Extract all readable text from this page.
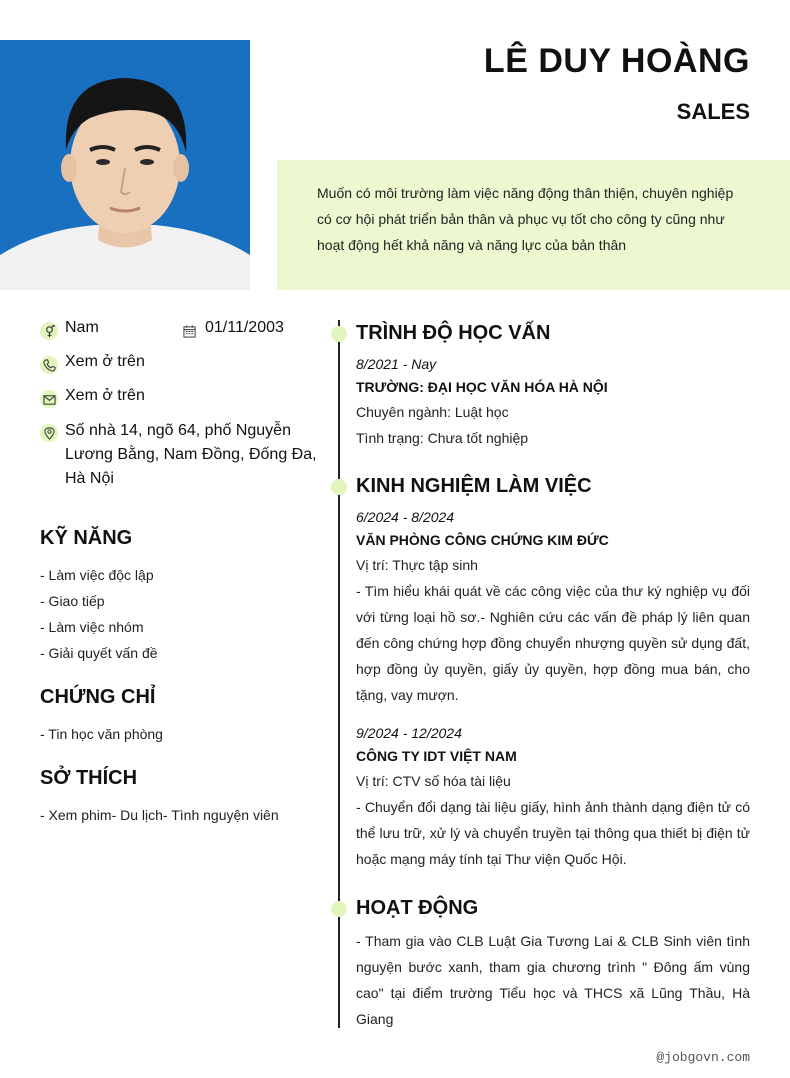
LÊ DUY HOÀNG
SALES
Muốn có môi trường làm việc năng động thân thiện, chuyên nghiệp có cơ hội phát triển bản thân và phục vụ tốt cho công ty cũng như hoạt động hết khả năng và năng lực của bản thân
Nam	01/11/2003
Xem ở trên
Xem ở trên
Số nhà 14, ngõ 64, phố Nguyễn Lương Bằng, Nam Đồng, Đống Đa, Hà Nội
KỸ NĂNG
- Làm việc độc lập
- Giao tiếp
- Làm việc nhóm
- Giải quyết vấn đề
CHỨNG CHỈ
- Tin học văn phòng
SỞ THÍCH
- Xem phim- Du lịch- Tình nguyện viên
TRÌNH ĐỘ HỌC VẤN
8/2021 - Nay
TRƯỜNG: ĐẠI HỌC VĂN HÓA HÀ NỘI
Chuyên ngành: Luật học
Tình trạng: Chưa tốt nghiệp
KINH NGHIỆM LÀM VIỆC
6/2024 - 8/2024
VĂN PHÒNG CÔNG CHỨNG KIM ĐỨC
Vị trí: Thực tập sinh
- Tìm hiểu khái quát về các công việc của thư ký nghiệp vụ đối với từng loại hồ sơ.- Nghiên cứu các vấn đề pháp lý liên quan đến công chứng hợp đồng chuyển nhượng quyền sử dụng đất, hợp đồng ủy quyền, giấy ủy quyền, hợp đồng mua bán, cho tặng, vay mượn.
9/2024 - 12/2024
CÔNG TY IDT VIỆT NAM
Vị trí: CTV số hóa tài liệu
- Chuyển đổi dạng tài liệu giấy, hình ảnh thành dạng điện tử có thể lưu trữ, xử lý và chuyển truyền tại thông qua thiết bị điện tử hoặc mạng máy tính tại Thư viện Quốc Hội.
HOẠT ĐỘNG
- Tham gia vào CLB Luật Gia Tương Lai & CLB Sinh viên tình nguyện bước xanh, tham gia chương trình " Đông ấm vùng cao" tại điểm trường Tiểu học và THCS xã Lũng Thầu, Hà Giang
@jobgovn.com
